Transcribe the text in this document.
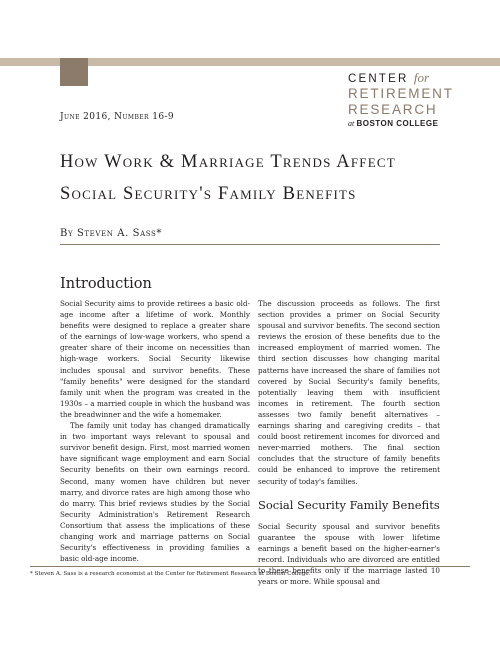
CENTER for
RETIREMENT
RESEARCH
at BOSTON COLLEGE
June 2016, Number 16-9
How Work & Marriage Trends Affect
Social Security's Family Benefits
By Steven A. Sass*
Introduction

Social Security aims to provide retirees a basic old-age income after a lifetime of work. Monthly benefits were designed to replace a greater share of the earnings of low-wage workers, who spend a greater share of their income on necessities than high-wage workers. Social Security likewise includes spousal and survivor benefits. These "family benefits" were designed for the standard family unit when the program was created in the 1930s – a married couple in which the husband was the breadwinner and the wife a homemaker.

The family unit today has changed dramatically in two important ways relevant to spousal and survivor benefit design. First, most married women have significant wage employment and earn Social Security benefits on their own earnings record. Second, many women have children but never marry, and divorce rates are high among those who do marry. This brief reviews studies by the Social Security Administration's Retirement Research Consortium that assess the implications of these changing work and marriage patterns on Social Security's effectiveness in providing families a basic old-age income.

The discussion proceeds as follows. The first section provides a primer on Social Security spousal and survivor benefits. The second section reviews the erosion of these benefits due to the increased employment of married women. The third section discusses how changing marital patterns have increased the share of families not covered by Social Security's family benefits, potentially leaving them with insufficient incomes in retirement. The fourth section assesses two family benefit alternatives – earnings sharing and caregiving credits – that could boost retirement incomes for divorced and never-married mothers. The final section concludes that the structure of family benefits could be enhanced to improve the retirement security of today's families.

Social Security Family Benefits

Social Security spousal and survivor benefits guarantee the spouse with lower lifetime earnings a benefit based on the higher-earner's record. Individuals who are divorced are entitled to these benefits only if the marriage lasted 10 years or more. While spousal and

* Steven A. Sass is a research economist at the Center for Retirement Research at Boston College.
